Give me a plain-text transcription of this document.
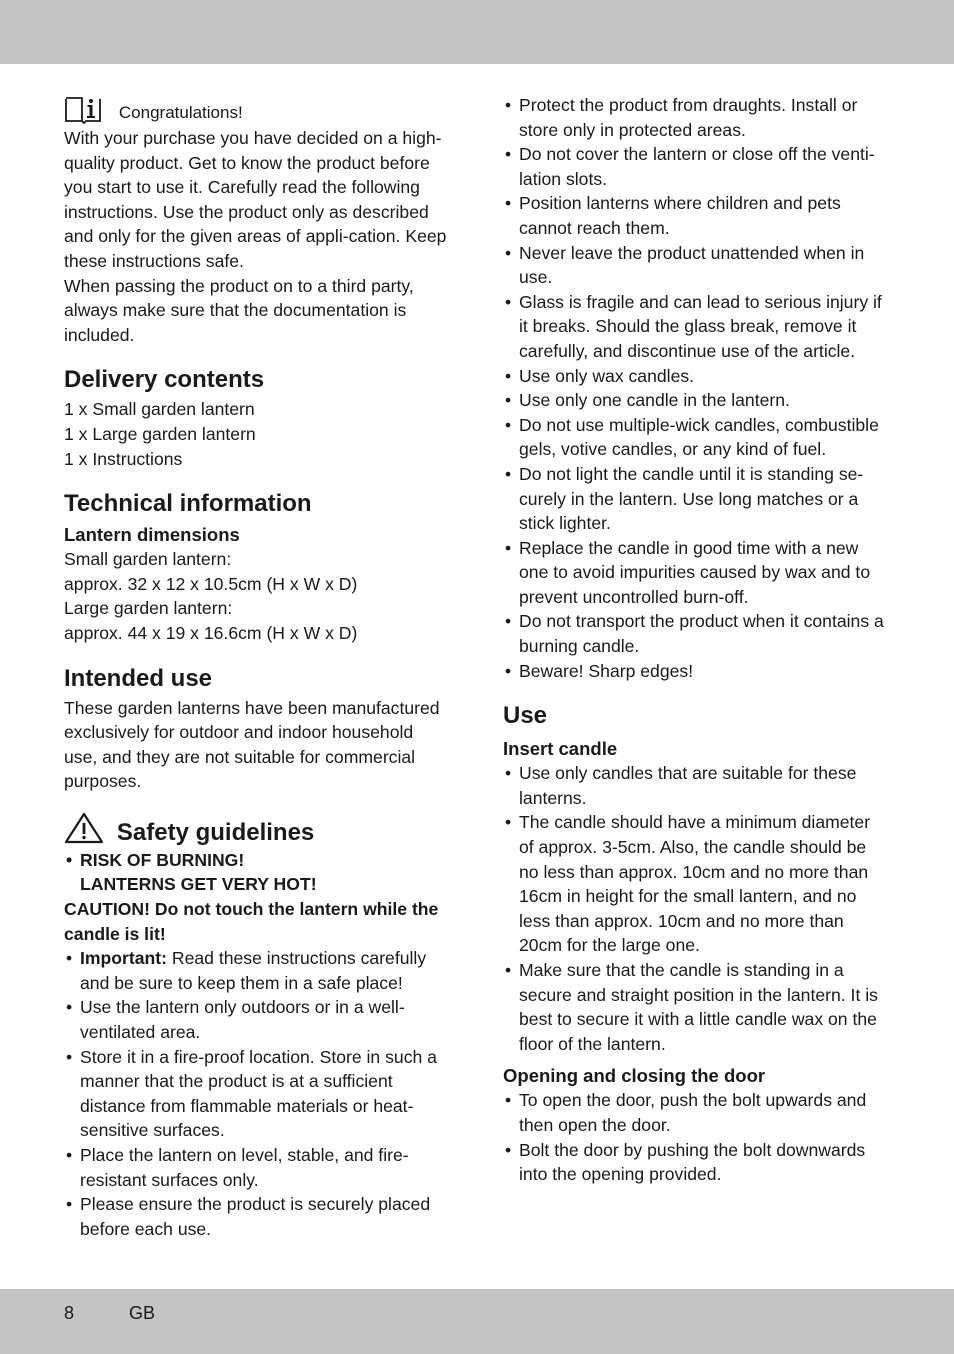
Congratulations!

With your purchase you have decided on a high-quality product. Get to know the product before you start to use it. Carefully read the following instructions. Use the product only as described and only for the given areas of appli-cation. Keep these instructions safe.

When passing the product on to a third party, always make sure that the documentation is included.

Delivery contents
1 x Small garden lantern
1 x Large garden lantern
1 x Instructions
Technical information
Lantern dimensions
Small garden lantern:
approx. 32 x 12 x 10.5cm (H x W x D)
Large garden lantern:
approx. 44 x 19 x 16.6cm (H x W x D)
Intended use

These garden lanterns have been manufactured exclusively for outdoor and indoor household use, and they are not suitable for commercial purposes.

Safety guidelines
• RISK OF BURNING!
LANTERNS GET VERY HOT!
CAUTION! Do not touch the lantern while the candle is lit!
• Important: Read these instructions carefully and be sure to keep them in a safe place!
• Use the lantern only outdoors or in a well-ventilated area.
• Store it in a fire-proof location. Store in such a manner that the product is at a sufficient distance from flammable materials or heat-sensitive surfaces.
• Place the lantern on level, stable, and fire-resistant surfaces only.
• Please ensure the product is securely placed before each use.
• Protect the product from draughts. Install or store only in protected areas.
• Do not cover the lantern or close off the venti-lation slots.
• Position lanterns where children and pets cannot reach them.
• Never leave the product unattended when in use.
• Glass is fragile and can lead to serious injury if it breaks. Should the glass break, remove it carefully, and discontinue use of the article.
• Use only wax candles.
• Use only one candle in the lantern.
• Do not use multiple-wick candles, combustible gels, votive candles, or any kind of fuel.
• Do not light the candle until it is standing se-curely in the lantern. Use long matches or a stick lighter.
• Replace the candle in good time with a new one to avoid impurities caused by wax and to prevent uncontrolled burn-off.
• Do not transport the product when it contains a burning candle.
• Beware! Sharp edges!
Use
Insert candle
• Use only candles that are suitable for these lanterns.
• The candle should have a minimum diameter of approx. 3-5cm. Also, the candle should be no less than approx. 10cm and no more than 16cm in height for the small lantern, and no less than approx. 10cm and no more than 20cm for the large one.
• Make sure that the candle is standing in a secure and straight position in the lantern. It is best to secure it with a little candle wax on the floor of the lantern.
Opening and closing the door
• To open the door, push the bolt upwards and then open the door.
• Bolt the door by pushing the bolt downwards into the opening provided.
8	GB
